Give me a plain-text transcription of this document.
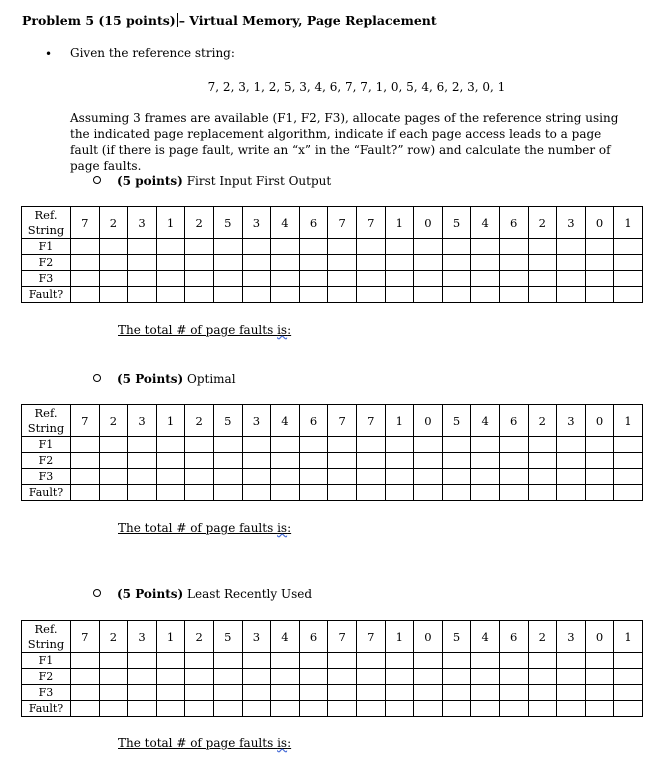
Problem 5 (15 points) – Virtual Memory, Page Replacement
• Given the reference string:
7, 2, 3, 1, 2, 5, 3, 4, 6, 7, 7, 1, 0, 5, 4, 6, 2, 3, 0, 1
Assuming 3 frames are available (F1, F2, F3), allocate pages of the reference string using the indicated page replacement algorithm, indicate if each page access leads to a page fault (if there is page fault, write an “x” in the “Fault?” row) and calculate the number of page faults.
(5 points) First Input First Output
Ref.
String	7	2	3	1	2	5	3	4	6	7	7	1	0	5	4	6	2	3	0	1
F1																				
F2																				
F3																				
Fault?																				
The total # of page faults is:
(5 Points) Optimal
Ref.
String	7	2	3	1	2	5	3	4	6	7	7	1	0	5	4	6	2	3	0	1
F1																				
F2																				
F3																				
Fault?																				
The total # of page faults is:
(5 Points) Least Recently Used
Ref.
String	7	2	3	1	2	5	3	4	6	7	7	1	0	5	4	6	2	3	0	1
F1																				
F2																				
F3																				
Fault?																				
The total # of page faults is:
